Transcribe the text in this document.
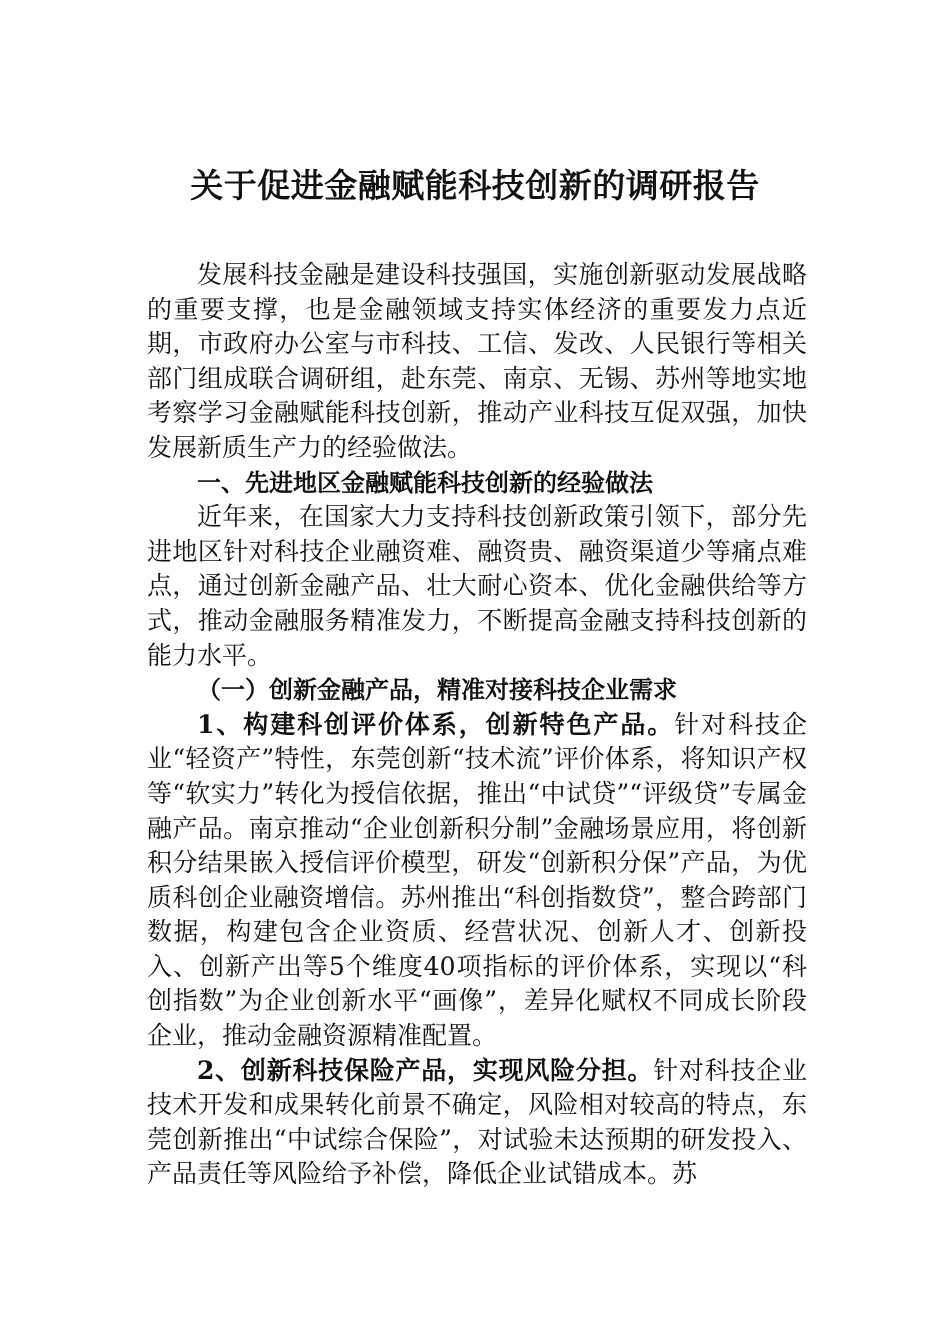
关于促进金融赋能科技创新的调研报告

发展科技金融是建设科技强国，实施创新驱动发展战略的重要支撑，也是金融领域支持实体经济的重要发力点近期，市政府办公室与市科技、工信、发改、人民银行等相关部门组成联合调研组，赴东莞、南京、无锡、苏州等地实地考察学习金融赋能科技创新，推动产业科技互促双强，加快发展新质生产力的经验做法。

一、先进地区金融赋能科技创新的经验做法

近年来，在国家大力支持科技创新政策引领下，部分先进地区针对科技企业融资难、融资贵、融资渠道少等痛点难点，通过创新金融产品、壮大耐心资本、优化金融供给等方式，推动金融服务精准发力，不断提高金融支持科技创新的能力水平。

（一）创新金融产品，精准对接科技企业需求

1、构建科创评价体系，创新特色产品。针对科技企业“轻资产”特性，东莞创新“技术流”评价体系，将知识产权等“软实力”转化为授信依据，推出“中试贷”“评级贷”专属金融产品。南京推动“企业创新积分制”金融场景应用，将创新积分结果嵌入授信评价模型，研发“创新积分保”产品，为优质科创企业融资增信。苏州推出“科创指数贷”，整合跨部门数据，构建包含企业资质、经营状况、创新人才、创新投入、创新产出等5个维度40项指标的评价体系，实现以“科创指数”为企业创新水平“画像”，差异化赋权不同成长阶段企业，推动金融资源精准配置。

2、创新科技保险产品，实现风险分担。针对科技企业技术开发和成果转化前景不确定，风险相对较高的特点，东莞创新推出“中试综合保险”，对试验未达预期的研发投入、产品责任等风险给予补偿，降低企业试错成本。苏
